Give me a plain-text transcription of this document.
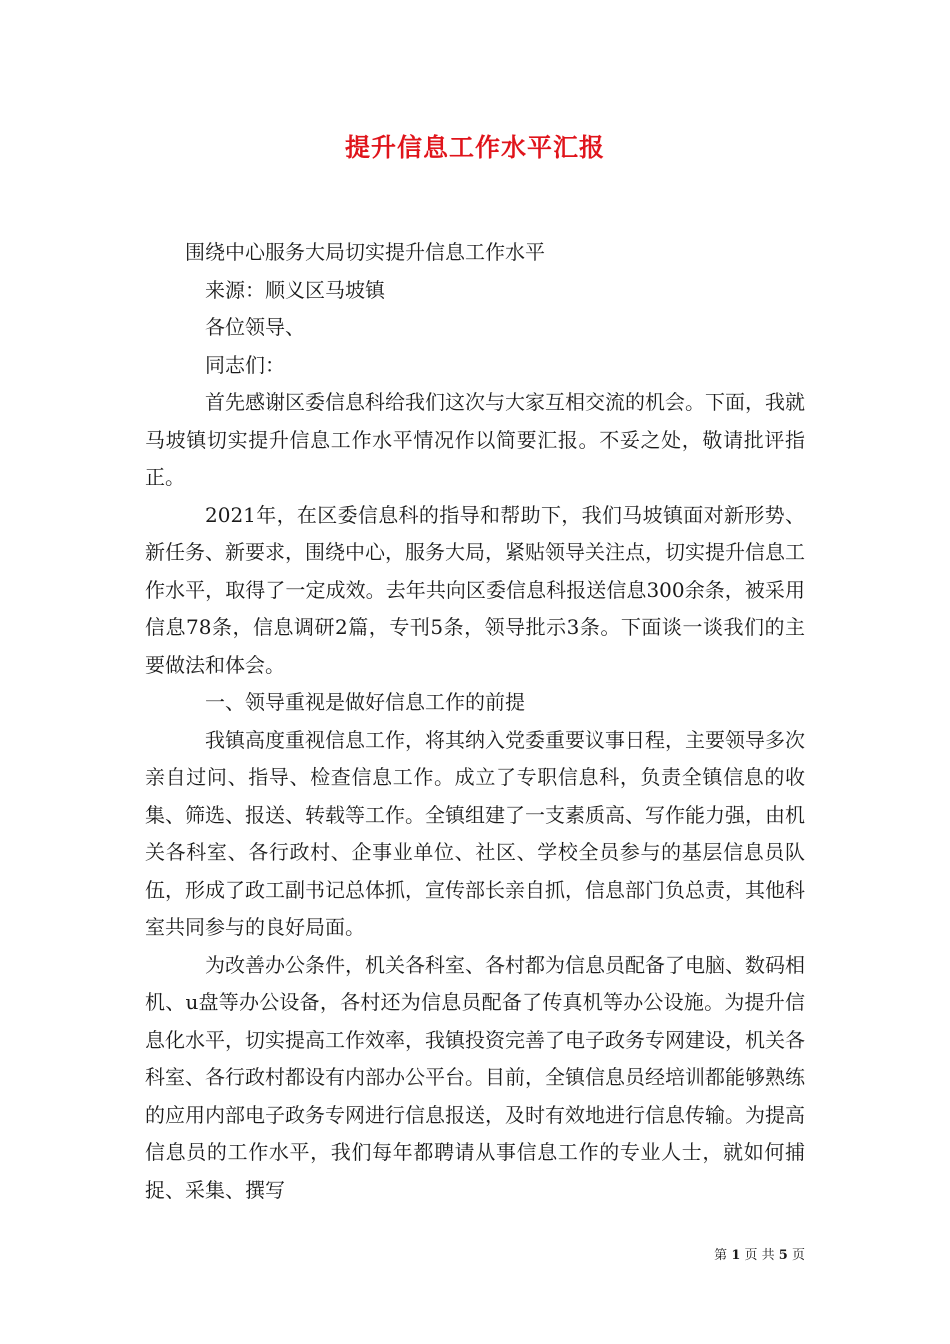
提升信息工作水平汇报

围绕中心服务大局切实提升信息工作水平

来源：顺义区马坡镇

各位领导、

同志们：

首先感谢区委信息科给我们这次与大家互相交流的机会。下面，我就马坡镇切实提升信息工作水平情况作以简要汇报。不妥之处，敬请批评指正。

2021年，在区委信息科的指导和帮助下，我们马坡镇面对新形势、新任务、新要求，围绕中心，服务大局，紧贴领导关注点，切实提升信息工作水平，取得了一定成效。去年共向区委信息科报送信息300余条，被采用信息78条，信息调研2篇，专刊5条，领导批示3条。下面谈一谈我们的主要做法和体会。

一、领导重视是做好信息工作的前提

我镇高度重视信息工作，将其纳入党委重要议事日程，主要领导多次亲自过问、指导、检查信息工作。成立了专职信息科，负责全镇信息的收集、筛选、报送、转载等工作。全镇组建了一支素质高、写作能力强，由机关各科室、各行政村、企事业单位、社区、学校全员参与的基层信息员队伍，形成了政工副书记总体抓，宣传部长亲自抓，信息部门负总责，其他科室共同参与的良好局面。

为改善办公条件，机关各科室、各村都为信息员配备了电脑、数码相机、u盘等办公设备，各村还为信息员配备了传真机等办公设施。为提升信息化水平，切实提高工作效率，我镇投资完善了电子政务专网建设，机关各科室、各行政村都设有内部办公平台。目前，全镇信息员经培训都能够熟练的应用内部电子政务专网进行信息报送，及时有效地进行信息传输。为提高信息员的工作水平，我们每年都聘请从事信息工作的专业人士，就如何捕捉、采集、撰写

第 1 页 共 5 页
